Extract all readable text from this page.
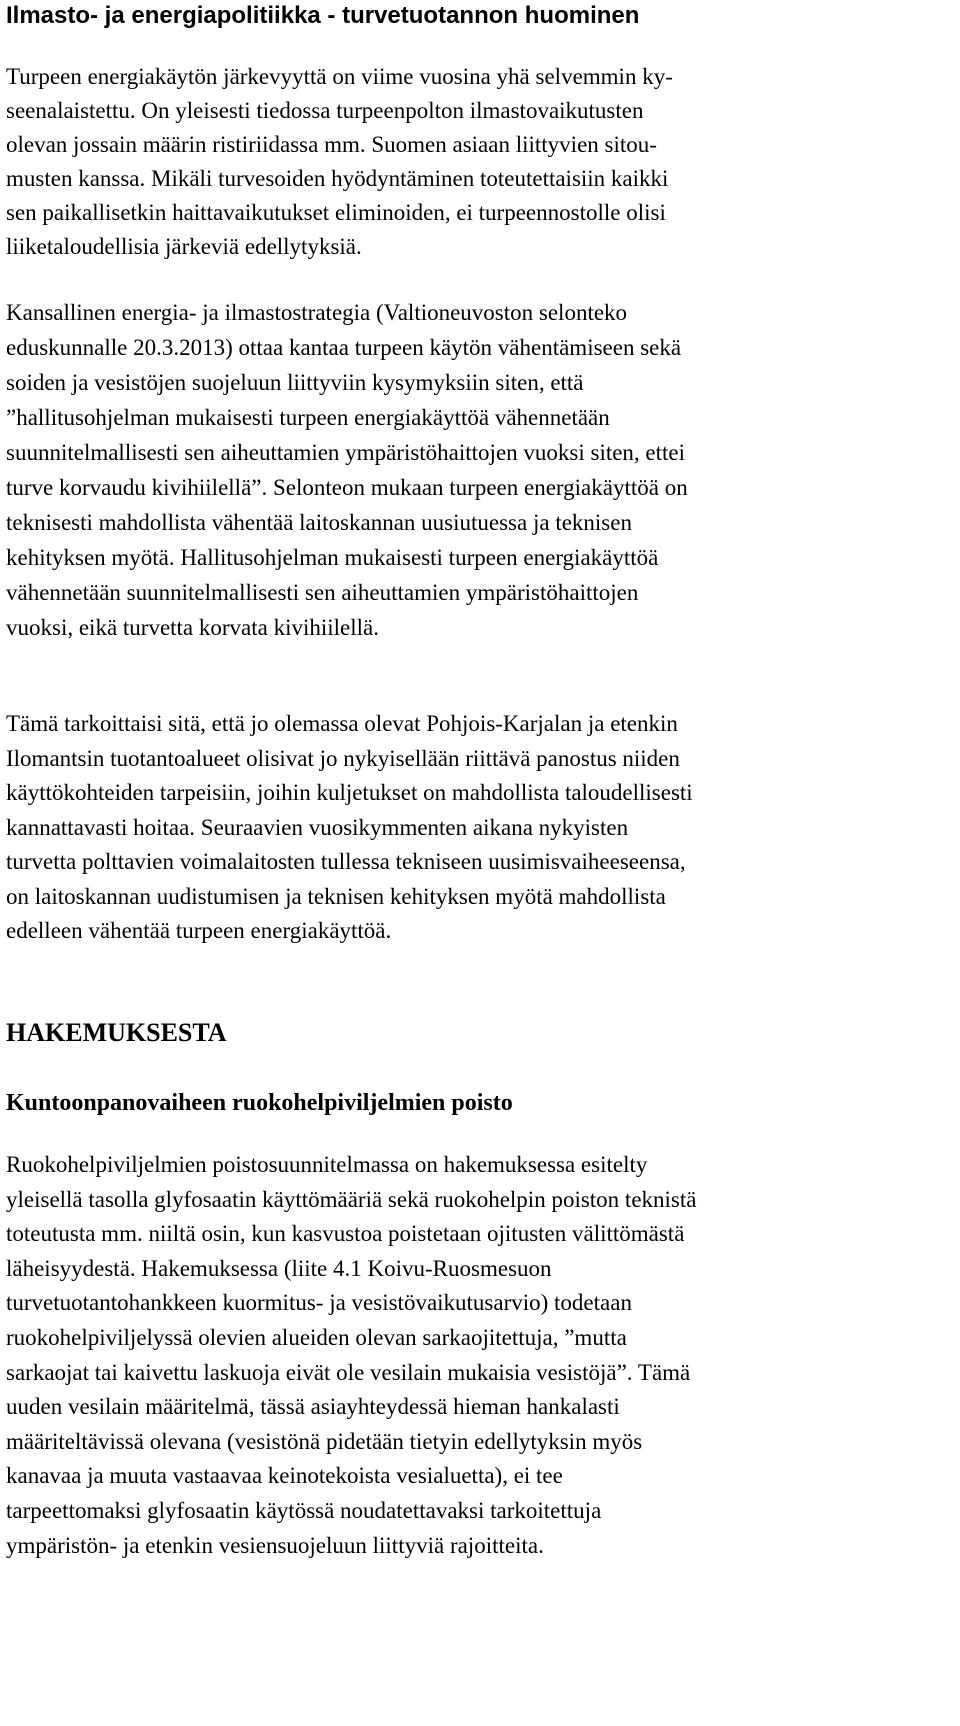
Ilmasto- ja energiapolitiikka - turvetuotannon huominen

Turpeen energiakäytön järkevyyttä on viime vuosina yhä selvemmin ky-
seenalaistettu. On yleisesti tiedossa turpeenpolton ilmastovaikutusten
olevan jossain määrin ristiriidassa mm. Suomen asiaan liittyvien sitou-
musten kanssa. Mikäli turvesoiden hyödyntäminen toteutettaisiin kaikki
sen paikallisetkin haittavaikutukset eliminoiden, ei turpeennostolle olisi
liiketaloudellisia järkeviä edellytyksiä.

Kansallinen energia- ja ilmastostrategia (Valtioneuvoston selonteko
eduskunnalle 20.3.2013) ottaa kantaa turpeen käytön vähentämiseen sekä
soiden ja vesistöjen suojeluun liittyviin kysymyksiin siten, että
”hallitusohjelman mukaisesti turpeen energiakäyttöä vähennetään
suunnitelmallisesti sen aiheuttamien ympäristöhaittojen vuoksi siten, ettei
turve korvaudu kivihiilellä”. Selonteon mukaan turpeen energiakäyttöä on
teknisesti mahdollista vähentää laitoskannan uusiutuessa ja teknisen
kehityksen myötä. Hallitusohjelman mukaisesti turpeen energiakäyttöä
vähennetään suunnitelmallisesti sen aiheuttamien ympäristöhaittojen
vuoksi, eikä turvetta korvata kivihiilellä.

Tämä tarkoittaisi sitä, että jo olemassa olevat Pohjois-Karjalan ja etenkin
Ilomantsin tuotantoalueet olisivat jo nykyisellään riittävä panostus niiden
käyttökohteiden tarpeisiin, joihin kuljetukset on mahdollista taloudellisesti
kannattavasti hoitaa. Seuraavien vuosikymmenten aikana nykyisten
turvetta polttavien voimalaitosten tullessa tekniseen uusimisvaiheeseensa,
on laitoskannan uudistumisen ja teknisen kehityksen myötä mahdollista
edelleen vähentää turpeen energiakäyttöä.

HAKEMUKSESTA
Kuntoonpanovaiheen ruokohelpiviljelmien poisto

Ruokohelpiviljelmien poistosuunnitelmassa on hakemuksessa esitelty
yleisellä tasolla glyfosaatin käyttömääriä sekä ruokohelpin poiston teknistä
toteutusta mm. niiltä osin, kun kasvustoa poistetaan ojitusten välittömästä
läheisyydestä. Hakemuksessa (liite 4.1 Koivu-Ruosmesuon
turvetuotantohankkeen kuormitus- ja vesistövaikutusarvio) todetaan
ruokohelpiviljelyssä olevien alueiden olevan sarkaojitettuja, ”mutta
sarkaojat tai kaivettu laskuoja eivät ole vesilain mukaisia vesistöjä”. Tämä
uuden vesilain määritelmä, tässä asiayhteydessä hieman hankalasti
määriteltävissä olevana (vesistönä pidetään tietyin edellytyksin myös
kanavaa ja muuta vastaavaa keinotekoista vesialuetta), ei tee
tarpeettomaksi glyfosaatin käytössä noudatettavaksi tarkoitettuja
ympäristön- ja etenkin vesiensuojeluun liittyviä rajoitteita.
